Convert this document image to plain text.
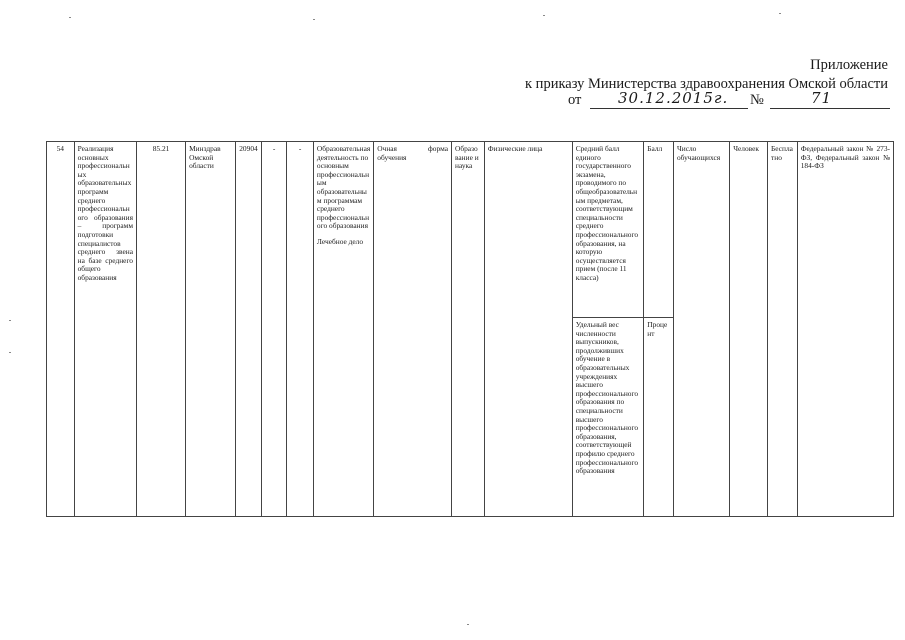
Приложение
к приказу Министерства здравоохранения Омской области
от 30.12.2015г. №	71
54	Реализация основных профессиональных образовательных программ среднего профессионального образования – программ подготовки специалистов среднего звена на базе среднего общего образования	85.21	Минздрав Омской области	20904	-	-	Образовательная деятельность по основным профессиональным образовательным программам среднего профессионального образования
Лечебное дело	Очная форма обучения	Образование и наука	Физические лица	Средний балл единого государственного экзамена, проводимого по общеобразовательным предметам, соответствующим специальности среднего профессионального образования, на которую осуществляется прием (после 11 класса)	Балл	Число обучающихся	Человек	Бесплатно	Федеральный закон № 273-ФЗ, Федеральный закон № 184-ФЗ
											Удельный вес численности выпускников, продолживших обучение в образовательных учреждениях высшего профессионального образования по специальности высшего профессионального образования, соответствующей профилю среднего профессионального образования	Процент				
